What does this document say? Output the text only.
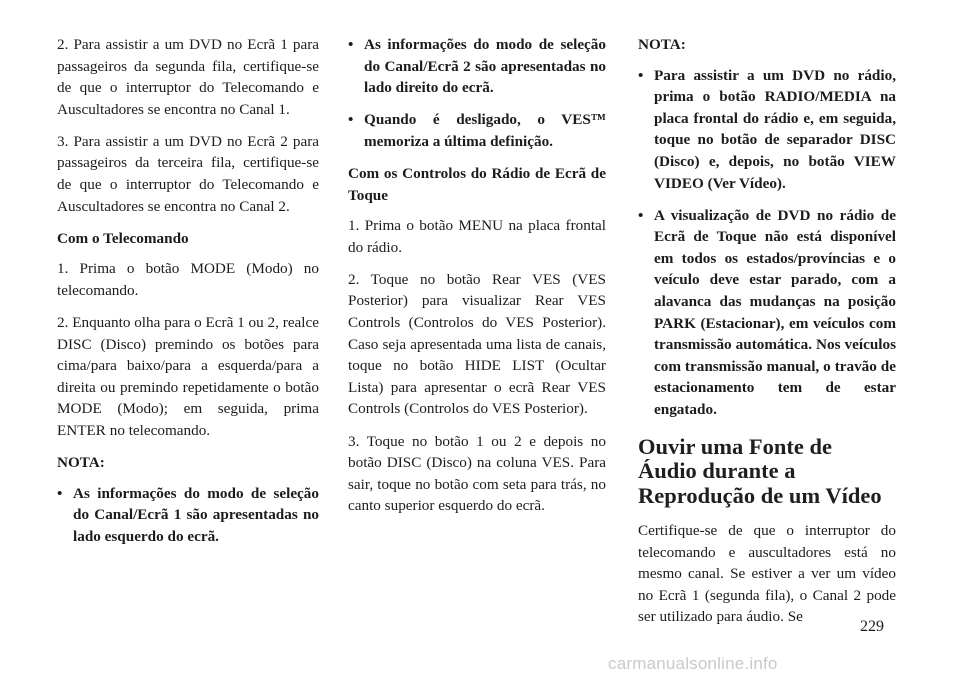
2. Para assistir a um DVD no Ecrã 1 para passageiros da segunda fila, certifique-se de que o interruptor do Telecomando e Auscultadores se encontra no Canal 1.

3. Para assistir a um DVD no Ecrã 2 para passageiros da terceira fila, certifique-se de que o interruptor do Telecomando e Auscultadores se encontra no Canal 2.

Com o Telecomando

1. Prima o botão MODE (Modo) no telecomando.

2. Enquanto olha para o Ecrã 1 ou 2, realce DISC (Disco) premindo os botões para cima/para baixo/para a esquerda/para a direita ou premindo repetidamente o botão MODE (Modo); em seguida, prima ENTER no telecomando.

NOTA:

• As informações do modo de seleção do Canal/Ecrã 1 são apresentadas no lado esquerdo do ecrã.
• As informações do modo de seleção do Canal/Ecrã 2 são apresentadas no lado direito do ecrã.
• Quando é desligado, o VES™ memoriza a última definição.

Com os Controlos do Rádio de Ecrã de Toque

1. Prima o botão MENU na placa frontal do rádio.

2. Toque no botão Rear VES (VES Posterior) para visualizar Rear VES Controls (Controlos do VES Posterior). Caso seja apresentada uma lista de canais, toque no botão HIDE LIST (Ocultar Lista) para apresentar o ecrã Rear VES Controls (Controlos do VES Posterior).

3. Toque no botão 1 ou 2 e depois no botão DISC (Disco) na coluna VES. Para sair, toque no botão com seta para trás, no canto superior esquerdo do ecrã.

NOTA:

• Para assistir a um DVD no rádio, prima o botão RADIO/MEDIA na placa frontal do rádio e, em seguida, toque no botão de separador DISC (Disco) e, depois, no botão VIEW VIDEO (Ver Vídeo).
• A visualização de DVD no rádio de Ecrã de Toque não está disponível em todos os estados/províncias e o veículo deve estar parado, com a alavanca das mudanças na posição PARK (Estacionar), em veículos com transmissão automática. Nos veículos com transmissão manual, o travão de estacionamento tem de estar engatado.
Ouvir uma Fonte de Áudio durante a Reprodução de um Vídeo

Certifique-se de que o interruptor do telecomando e auscultadores está no mesmo canal. Se estiver a ver um vídeo no Ecrã 1 (segunda fila), o Canal 2 pode ser utilizado para áudio. Se

229
carmanualsonline.info
